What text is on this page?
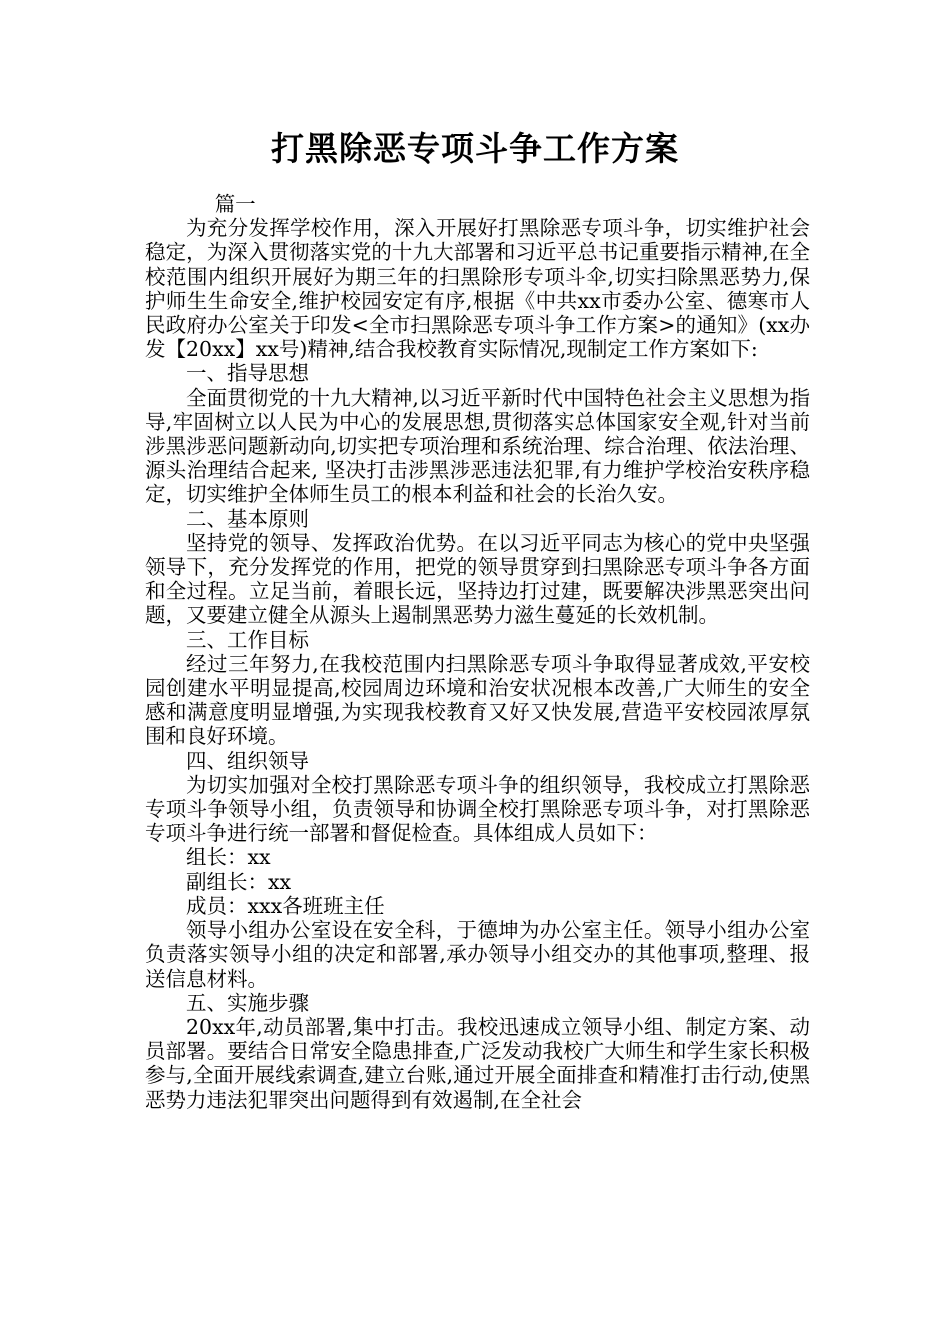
打黑除恶专项斗争工作方案

篇一

为充分发挥学校作用，深入开展好打黑除恶专项斗争，切实维护社会稳定，为深入贯彻落实党的十九大部署和习近平总书记重要指示精神,在全校范围内组织开展好为期三年的扫黑除形专项斗伞,切实扫除黑恶势力,保护师生生命安全,维护校园安定有序,根据《中共xx市委办公室、德寒市人民政府办公室关于印发<全市扫黑除恶专项斗争工作方案>的通知》(xx办发【20xx】xx号)精神,结合我校教育实际情况,现制定工作方案如下:

一、指导思想

全面贯彻党的十九大精神,以习近平新时代中国特色社会主义思想为指导,牢固树立以人民为中心的发展思想,贯彻落实总体国家安全观,针对当前涉黑涉恶问题新动向,切实把专项治理和系统治理、综合治理、依法治理、源头治理结合起来, 坚决打击涉黑涉恶违法犯罪,有力维护学校治安秩序稳定，切实维护全体师生员工的根本利益和社会的长治久安。

二、基本原则

坚持党的领导、发挥政治优势。在以习近平同志为核心的党中央坚强领导下，充分发挥党的作用，把党的领导贯穿到扫黑除恶专项斗争各方面和全过程。立足当前，着眼长远，坚持边打过建，既要解决涉黑恶突出问题，又要建立健全从源头上遏制黑恶势力滋生蔓延的长效机制。

三、工作目标

经过三年努力,在我校范围内扫黑除恶专项斗争取得显著成效,平安校园创建水平明显提高,校园周边环境和治安状况根本改善,广大师生的安全感和满意度明显增强,为实现我校教育又好又快发展,营造平安校园浓厚氛围和良好环境。

四、组织领导

为切实加强对全校打黑除恶专项斗争的组织领导，我校成立打黑除恶专项斗争领导小组，负责领导和协调全校打黑除恶专项斗争，对打黑除恶专项斗争进行统一部署和督促检查。具体组成人员如下：

组长：xx

副组长：xx

成员：xxx各班班主任

领导小组办公室设在安全科，于德坤为办公室主任。领导小组办公室负责落实领导小组的决定和部署,承办领导小组交办的其他事项,整理、报送信息材料。

五、实施步骤

20xx年,动员部署,集中打击。我校迅速成立领导小组、制定方案、动员部署。要结合日常安全隐患排查,广泛发动我校广大师生和学生家长积极参与,全面开展线索调查,建立台账,通过开展全面排查和精准打击行动,使黑恶势力违法犯罪突出问题得到有效遏制,在全社会
